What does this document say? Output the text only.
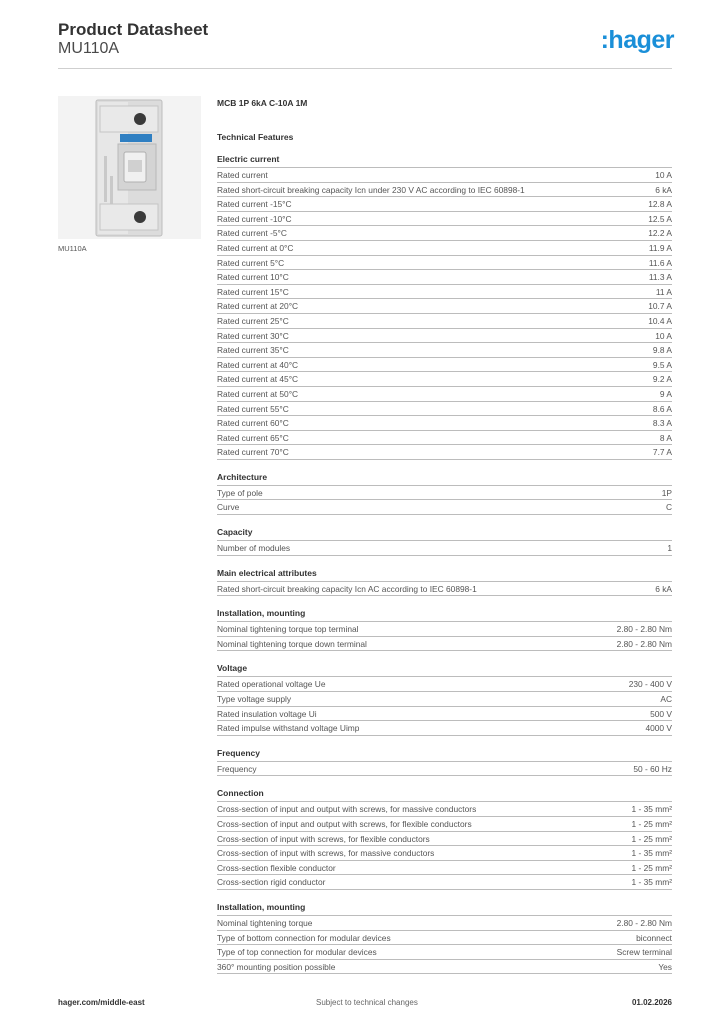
Product Datasheet
MU110A	:hager
MU110A
MCB 1P 6kA C-10A 1M
Technical Features
Electric current
Rated current	10 A
Rated short-circuit breaking capacity Icn under 230 V AC according to IEC 60898-1	6 kA
Rated current -15°C	12.8 A
Rated current -10°C	12.5 A
Rated current -5°C	12.2 A
Rated current at 0°C	11.9 A
Rated current 5°C	11.6 A
Rated current 10°C	11.3 A
Rated current 15°C	11 A
Rated current at 20°C	10.7 A
Rated current 25°C	10.4 A
Rated current 30°C	10 A
Rated current 35°C	9.8 A
Rated current at 40°C	9.5 A
Rated current at 45°C	9.2 A
Rated current at 50°C	9 A
Rated current 55°C	8.6 A
Rated current 60°C	8.3 A
Rated current 65°C	8 A
Rated current 70°C	7.7 A
Architecture
Type of pole	1P
Curve	C
Capacity
Number of modules	1
Main electrical attributes
Rated short-circuit breaking capacity Icn AC according to IEC 60898-1	6 kA
Installation, mounting
Nominal tightening torque top terminal	2.80 - 2.80 Nm
Nominal tightening torque down terminal	2.80 - 2.80 Nm
Voltage
Rated operational voltage Ue	230 - 400 V
Type voltage supply	AC
Rated insulation voltage Ui	500 V
Rated impulse withstand voltage Uimp	4000 V
Frequency
Frequency	50 - 60 Hz
Connection
Cross-section of input and output with screws, for massive conductors	1 - 35 mm²
Cross-section of input and output with screws, for flexible conductors	1 - 25 mm²
Cross-section of input with screws, for flexible conductors	1 - 25 mm²
Cross-section of input with screws, for massive conductors	1 - 35 mm²
Cross-section flexible conductor	1 - 25 mm²
Cross-section rigid conductor	1 - 35 mm²
Installation, mounting
Nominal tightening torque	2.80 - 2.80 Nm
Type of bottom connection for modular devices	biconnect
Type of top connection for modular devices	Screw terminal
360° mounting position possible	Yes
hager.com/middle-east	Subject to technical changes	01.02.2026
